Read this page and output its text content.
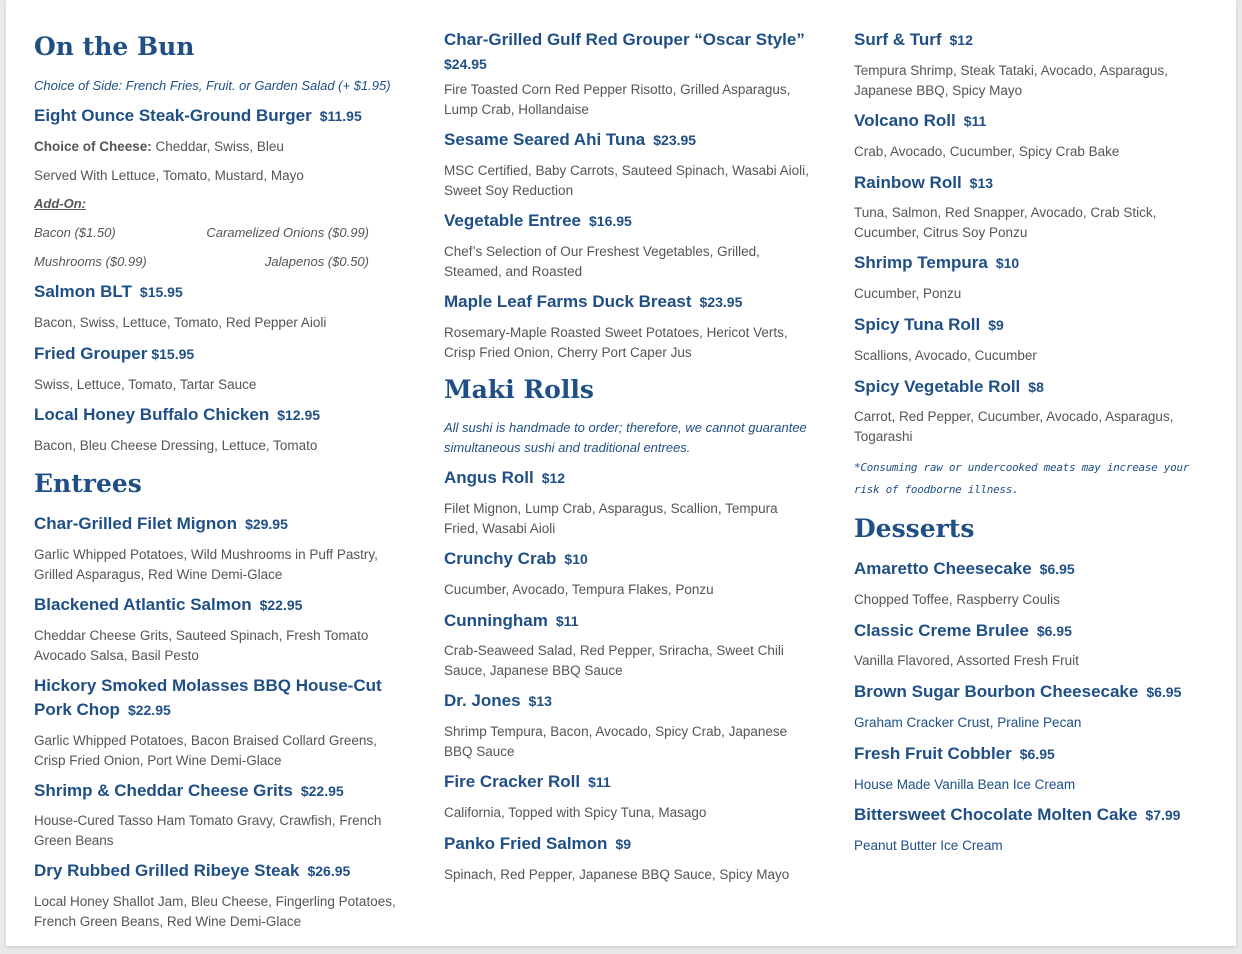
On the Bun

Choice of Side: French Fries, Fruit. or Garden Salad (+ $1.95)

Eight Ounce Steak-Ground Burger $11.95

Choice of Cheese: Cheddar, Swiss, Bleu

Served With Lettuce, Tomato, Mustard, Mayo

Add-On:

Bacon ($1.50)	Caramelized Onions ($0.99)
Mushrooms ($0.99)	Jalapenos ($0.50)

Salmon BLT $15.95

Bacon, Swiss, Lettuce, Tomato, Red Pepper Aioli

Fried Grouper $15.95

Swiss, Lettuce, Tomato, Tartar Sauce

Local Honey Buffalo Chicken $12.95

Bacon, Bleu Cheese Dressing, Lettuce, Tomato

Entrees

Char-Grilled Filet Mignon $29.95

Garlic Whipped Potatoes, Wild Mushrooms in Puff Pastry, Grilled Asparagus, Red Wine Demi-Glace

Blackened Atlantic Salmon $22.95

Cheddar Cheese Grits, Sauteed Spinach, Fresh Tomato Avocado Salsa, Basil Pesto

Hickory Smoked Molasses BBQ House-Cut
Pork Chop $22.95

Garlic Whipped Potatoes, Bacon Braised Collard Greens, Crisp Fried Onion, Port Wine Demi-Glace

Shrimp & Cheddar Cheese Grits $22.95

House-Cured Tasso Ham Tomato Gravy, Crawfish, French Green Beans

Dry Rubbed Grilled Ribeye Steak $26.95

Local Honey Shallot Jam, Bleu Cheese, Fingerling Potatoes, French Green Beans, Red Wine Demi-Glace

Char-Grilled Gulf Red Grouper “Oscar Style”
$24.95

Fire Toasted Corn Red Pepper Risotto, Grilled Asparagus, Lump Crab, Hollandaise

Sesame Seared Ahi Tuna $23.95

MSC Certified, Baby Carrots, Sauteed Spinach, Wasabi Aioli, Sweet Soy Reduction

Vegetable Entree $16.95

Chef’s Selection of Our Freshest Vegetables, Grilled, Steamed, and Roasted

Maple Leaf Farms Duck Breast $23.95

Rosemary-Maple Roasted Sweet Potatoes, Hericot Verts, Crisp Fried Onion, Cherry Port Caper Jus

Maki Rolls

All sushi is handmade to order; therefore, we cannot guarantee simultaneous sushi and traditional entrees.

Angus Roll $12

Filet Mignon, Lump Crab, Asparagus, Scallion, Tempura Fried, Wasabi Aioli

Crunchy Crab $10

Cucumber, Avocado, Tempura Flakes, Ponzu

Cunningham $11

Crab-Seaweed Salad, Red Pepper, Sriracha, Sweet Chili Sauce, Japanese BBQ Sauce

Dr. Jones $13

Shrimp Tempura, Bacon, Avocado, Spicy Crab, Japanese BBQ Sauce

Fire Cracker Roll $11

California, Topped with Spicy Tuna, Masago

Panko Fried Salmon $9

Spinach, Red Pepper, Japanese BBQ Sauce, Spicy Mayo

Surf & Turf $12

Tempura Shrimp, Steak Tataki, Avocado, Asparagus, Japanese BBQ, Spicy Mayo

Volcano Roll $11

Crab, Avocado, Cucumber, Spicy Crab Bake

Rainbow Roll $13

Tuna, Salmon, Red Snapper, Avocado, Crab Stick, Cucumber, Citrus Soy Ponzu

Shrimp Tempura $10

Cucumber, Ponzu

Spicy Tuna Roll $9

Scallions, Avocado, Cucumber

Spicy Vegetable Roll $8

Carrot, Red Pepper, Cucumber, Avocado, Asparagus, Togarashi

*Consuming raw or undercooked meats may increase your risk of foodborne illness.

Desserts

Amaretto Cheesecake $6.95

Chopped Toffee, Raspberry Coulis

Classic Creme Brulee $6.95

Vanilla Flavored, Assorted Fresh Fruit

Brown Sugar Bourbon Cheesecake $6.95

Graham Cracker Crust, Praline Pecan

Fresh Fruit Cobbler $6.95

House Made Vanilla Bean Ice Cream

Bittersweet Chocolate Molten Cake $7.99

Peanut Butter Ice Cream
